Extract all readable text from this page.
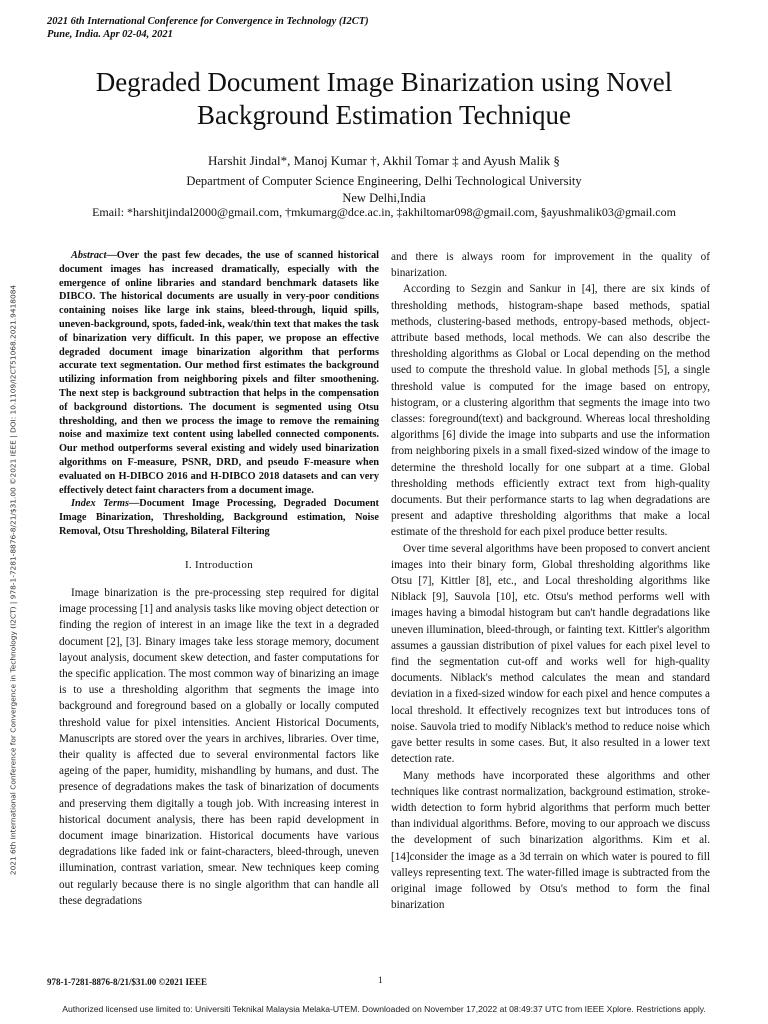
2021 6th International Conference for Convergence in Technology (I2CT)
Pune, India. Apr 02-04, 2021
Degraded Document Image Binarization using Novel Background Estimation Technique
Harshit Jindal*, Manoj Kumar †, Akhil Tomar ‡ and Ayush Malik §
Department of Computer Science Engineering, Delhi Technological University
New Delhi,India
Email: *harshitjindal2000@gmail.com, †mkumarg@dce.ac.in, ‡akhiltomar098@gmail.com, §ayushmalik03@gmail.com
2021 6th International Conference for Convergence in Technology (I2CT) | 978-1-7281-8876-8/21/$31.00 ©2021 IEEE | DOI: 10.1109/I2CT51068.2021.9418084
Abstract—Over the past few decades, the use of scanned historical document images has increased dramatically, especially with the emergence of online libraries and standard benchmark datasets like DIBCO. The historical documents are usually in very-poor conditions containing noises like large ink stains, bleed-through, liquid spills, uneven-background, spots, faded-ink, weak/thin text that makes the task of binarization very difficult. In this paper, we propose an effective degraded document image binarization algorithm that performs accurate text segmentation. Our method first estimates the background utilizing information from neighboring pixels and filter smoothening. The next step is background subtraction that helps in the compensation of background distortions. The document is segmented using Otsu thresholding, and then we process the image to remove the remaining noise and maximize text content using labelled connected components. Our method outperforms several existing and widely used binarization algorithms on F-measure, PSNR, DRD, and pseudo F-measure when evaluated on H-DIBCO 2016 and H-DIBCO 2018 datasets and can very effectively detect faint characters from a document image.
Index Terms—Document Image Processing, Degraded Document Image Binarization, Thresholding, Background estimation, Noise Removal, Otsu Thresholding, Bilateral Filtering
I. Introduction
Image binarization is the pre-processing step required for digital image processing [1] and analysis tasks like moving object detection or finding the region of interest in an image like the text in a degraded document [2], [3]. Binary images take less storage memory, document layout analysis, document skew detection, and faster computations for the specific application. The most common way of binarizing an image is to use a thresholding algorithm that segments the image into background and foreground based on a globally or locally computed threshold value for pixel intensities. Ancient Historical Documents, Manuscripts are stored over the years in archives, libraries. Over time, their quality is affected due to several environmental factors like ageing of the paper, humidity, mishandling by humans, and dust. The presence of degradations makes the task of binarization of documents and preserving them digitally a tough job. With increasing interest in historical document analysis, there has been rapid development in document image binarization. Historical documents have various degradations like faded ink or faint-characters, bleed-through, uneven illumination, contrast variation, smear. New techniques keep coming out regularly because there is no single algorithm that can handle all these degradations
and there is always room for improvement in the quality of binarization.
According to Sezgin and Sankur in [4], there are six kinds of thresholding methods, histogram-shape based methods, spatial methods, clustering-based methods, entropy-based methods, object-attribute based methods, local methods. We can also describe the thresholding algorithms as Global or Local depending on the method used to compute the threshold value. In global methods [5], a single threshold value is computed for the image based on entropy, histogram, or a clustering algorithm that segments the image into two classes: foreground(text) and background. Whereas local thresholding algorithms [6] divide the image into subparts and use the information from neighboring pixels in a small fixed-sized window of the image to determine the threshold locally for one subpart at a time. Global thresholding methods efficiently extract text from high-quality documents. But their performance starts to lag when degradations are present and adaptive thresholding algorithms that make a local estimate of the threshold for each pixel produce better results.
Over time several algorithms have been proposed to convert ancient images into their binary form, Global thresholding algorithms like Otsu [7], Kittler [8], etc., and Local thresholding algorithms like Niblack [9], Sauvola [10], etc. Otsu's method performs well with images having a bimodal histogram but can't handle degradations like uneven illumination, bleed-through, or fainting text. Kittler's algorithm assumes a gaussian distribution of pixel values for each pixel level to find the segmentation cut-off and works well for high-quality documents. Niblack's method calculates the mean and standard deviation in a fixed-sized window for each pixel and hence computes a local threshold. It effectively recognizes text but introduces tons of noise. Sauvola tried to modify Niblack's method to reduce noise which gave better results in some cases. But, it also resulted in a lower text detection rate.
Many methods have incorporated these algorithms and other techniques like contrast normalization, background estimation, stroke-width detection to form hybrid algorithms that perform much better than individual algorithms. Before, moving to our approach we discuss the development of such binarization algorithms. Kim et al. [14]consider the image as a 3d terrain on which water is poured to fill valleys representing text. The water-filled image is subtracted from the original image followed by Otsu's method to form the final binarization
978-1-7281-8876-8/21/$31.00 ©2021 IEEE	1
Authorized licensed use limited to: Universiti Teknikal Malaysia Melaka-UTEM. Downloaded on November 17,2022 at 08:49:37 UTC from IEEE Xplore. Restrictions apply.
